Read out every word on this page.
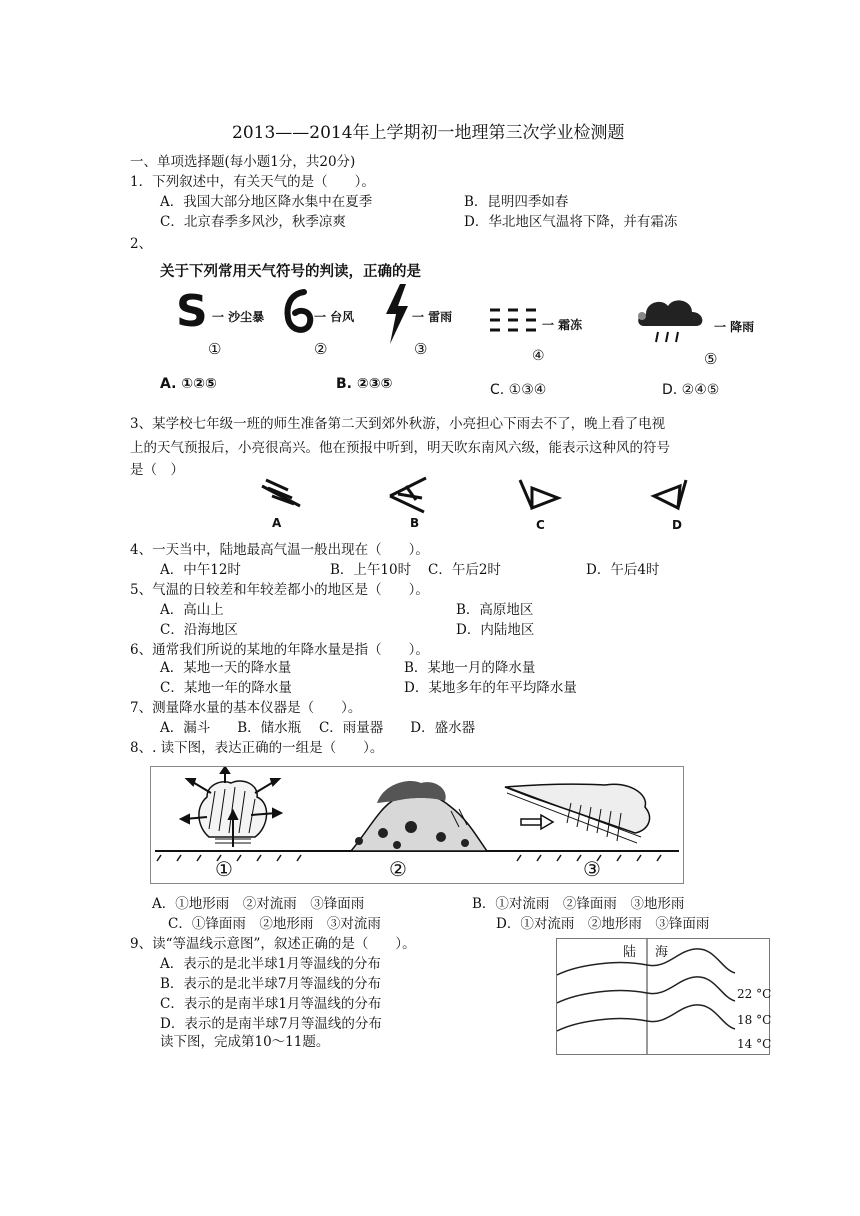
2013——2014年上学期初一地理第三次学业检测题
一、单项选择题(每小题1分，共20分)
1．下列叙述中，有关天气的是（　　）。
A．我国大部分地区降水集中在夏季	B．昆明四季如春
C．北京春季多风沙，秋季凉爽	D．华北地区气温将下降，并有霜冻
2、
关于下列常用天气符号的判读，正确的是
S 一 沙尘暴
①
一 台风
②
一 雷雨
③
一 霜冻
④
一 降雨
⑤
A. ①②⑤	B. ②③⑤	C. ①③④	D. ②④⑤
3、某学校七年级一班的师生准备第二天到郊外秋游，小亮担心下雨去不了，晚上看了电视
上的天气预报后，小亮很高兴。他在预报中听到，明天吹东南风六级，能表示这种风的符号
是（　）
A	B	C	D
4、一天当中，陆地最高气温一般出现在（　　）。
A．中午12时	B．上午10时 C．午后2时	D．午后4时
5、气温的日较差和年较差都小的地区是（　　）。
A．高山上	B．高原地区
C．沿海地区	D．内陆地区
6、通常我们所说的某地的年降水量是指（　　）。
A．某地一天的降水量	B．某地一月的降水量
C．某地一年的降水量	D．某地多年的年平均降水量
7、测量降水量的基本仪器是（　　）。
A．漏斗　　B．储水瓶　 C．雨量器　　D．盛水器
8、. 读下图，表达正确的一组是（　　）。
①	②	③
A．①地形雨　②对流雨　③锋面雨	B．①对流雨　②锋面雨　③地形雨
C．①锋面雨　②地形雨　③对流雨	D．①对流雨　②地形雨　③锋面雨
9、读“等温线示意图”，叙述正确的是（　　）。
A．表示的是北半球1月等温线的分布
B．表示的是北半球7月等温线的分布
C．表示的是南半球1月等温线的分布
D．表示的是南半球7月等温线的分布
读下图，完成第10～11题。
陆 海
22 °C
18 °C
14 °C
